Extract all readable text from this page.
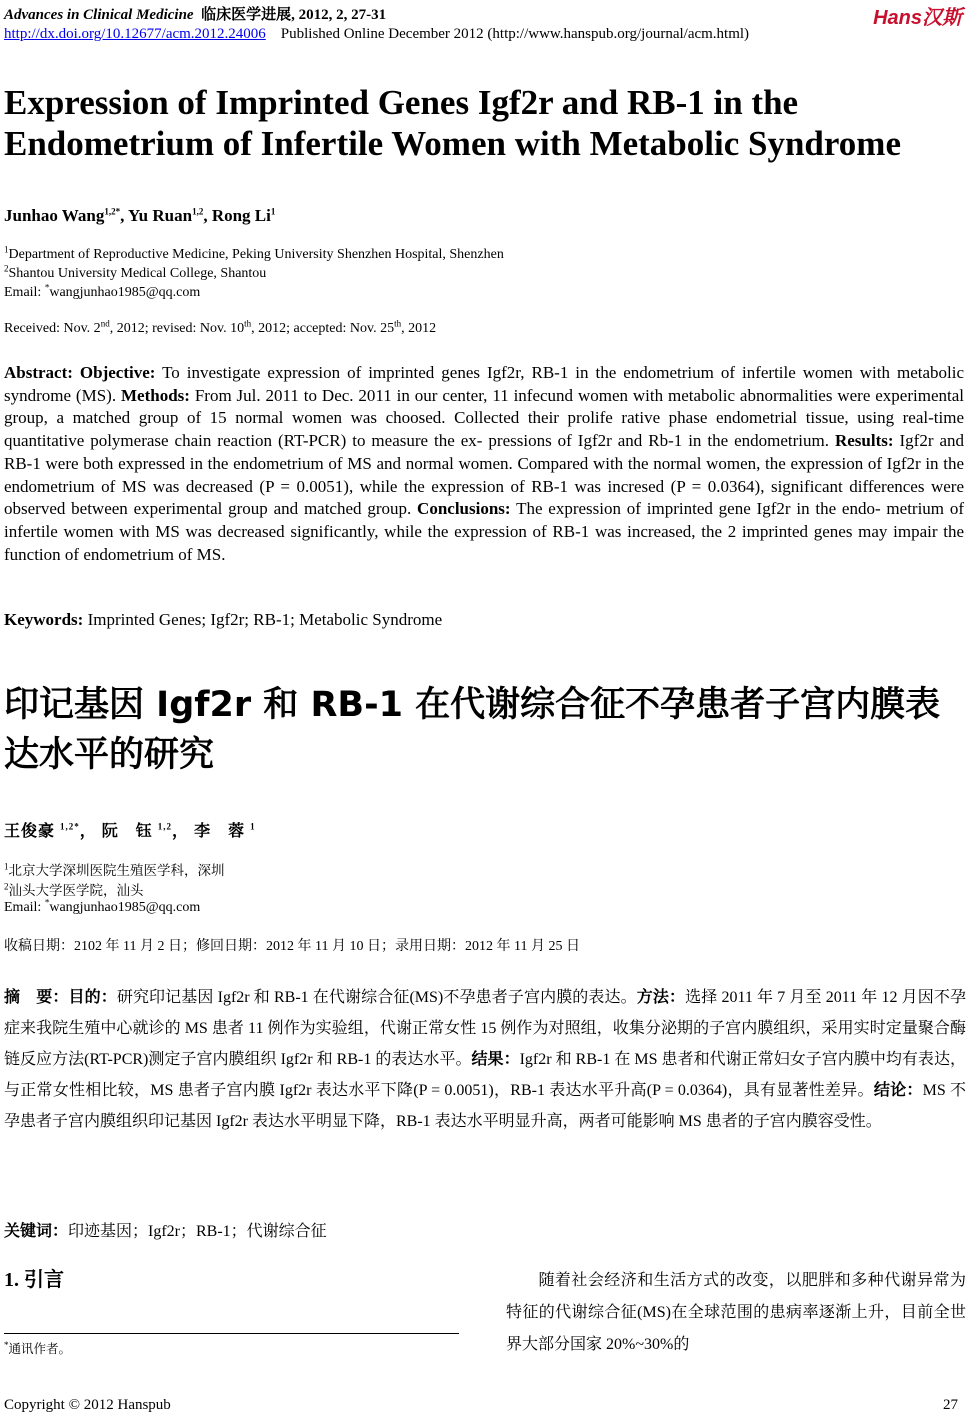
Advances in Clinical Medicine 临床医学进展, 2012, 2, 27-31	Hans汉斯
http://dx.doi.org/10.12677/acm.2012.24006 Published Online December 2012 (http://www.hanspub.org/journal/acm.html)
Expression of Imprinted Genes Igf2r and RB-1 in the Endometrium of Infertile Women with Metabolic Syndrome
Junhao Wang$^{1,2*}$, Yu Ruan$^{1,2}$, Rong Li$^1$
$^1$Department of Reproductive Medicine, Peking University Shenzhen Hospital, Shenzhen
$^2$Shantou University Medical College, Shantou
Email: *wangjunhao1985@qq.com
Received: Nov. 2nd, 2012; revised: Nov. 10th, 2012; accepted: Nov. 25th, 2012
Abstract: Objective: To investigate expression of imprinted genes Igf2r, RB-1 in the endometrium of infertile women with metabolic syndrome (MS). Methods: From Jul. 2011 to Dec. 2011 in our center, 11 infecund women with metabolic abnormalities were experimental group, a matched group of 15 normal women was choosed. Collected their prolife rative phase endometrial tissue, using real-time quantitative polymerase chain reaction (RT-PCR) to measure the ex- pressions of Igf2r and Rb-1 in the endometrium. Results: Igf2r and RB-1 were both expressed in the endometrium of MS and normal women. Compared with the normal women, the expression of Igf2r in the endometrium of MS was decreased (P = 0.0051), while the expression of RB-1 was incresed (P = 0.0364), significant differences were observed between experimental group and matched group. Conclusions: The expression of imprinted gene Igf2r in the endo- metrium of infertile women with MS was decreased significantly, while the expression of RB-1 was increased, the 2 imprinted genes may impair the function of endometrium of MS.
Keywords: Imprinted Genes; Igf2r; RB-1; Metabolic Syndrome
印记基因 Igf2r 和 RB-1 在代谢综合征不孕患者子宫内膜表达水平的研究
王俊豪 $^{1,2*}$， 阮　钰 $^{1,2}$， 李　蓉 $^1$
$^1$北京大学深圳医院生殖医学科，深圳
$^2$汕头大学医学院，汕头
Email: *wangjunhao1985@qq.com
收稿日期：2102 年 11 月 2 日；修回日期：2012 年 11 月 10 日；录用日期：2012 年 11 月 25 日
摘　要：目的：研究印记基因 Igf2r 和 RB-1 在代谢综合征(MS)不孕患者子宫内膜的表达。方法：选择 2011 年 7 月至 2011 年 12 月因不孕症来我院生殖中心就诊的 MS 患者 11 例作为实验组，代谢正常女性 15 例作为对照组，收集分泌期的子宫内膜组织，采用实时定量聚合酶链反应方法(RT-PCR)测定子宫内膜组织 Igf2r 和 RB-1 的表达水平。结果：Igf2r 和 RB-1 在 MS 患者和代谢正常妇女子宫内膜中均有表达，与正常女性相比较，MS 患者子宫内膜 Igf2r 表达水平下降(P = 0.0051)，RB-1 表达水平升高(P = 0.0364)，具有显著性差异。结论：MS 不孕患者子宫内膜组织印记基因 Igf2r 表达水平明显下降，RB-1 表达水平明显升高，两者可能影响 MS 患者的子宫内膜容受性。
关键词：印迹基因；Igf2r；RB-1；代谢综合征
1. 引言	随着社会经济和生活方式的改变，以肥胖和多种代谢异常为特征的代谢综合征(MS)在全球范围的患病率逐渐上升，目前全世界大部分国家 20%~30%的
*通讯作者。
Copyright © 2012 Hanspub	27
